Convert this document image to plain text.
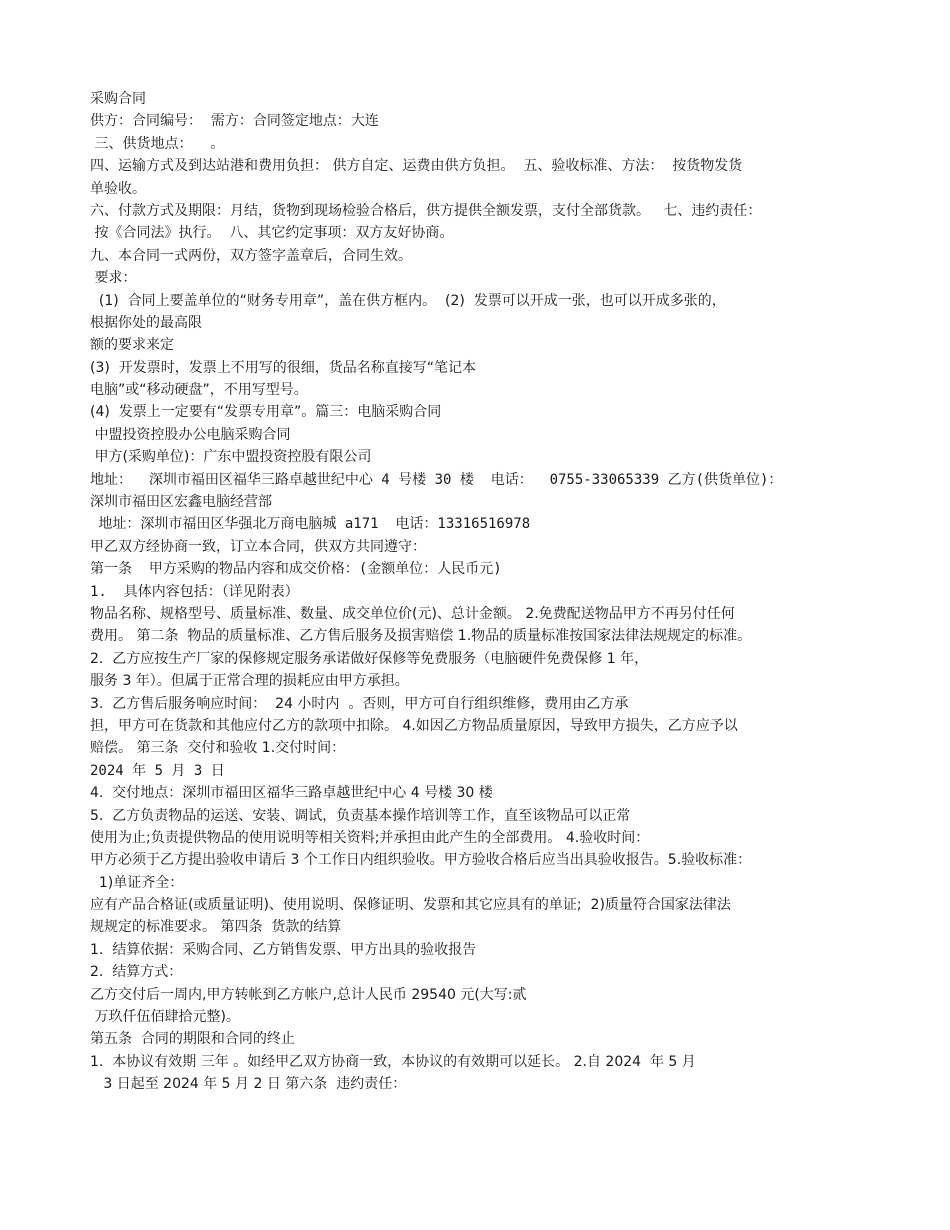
采购合同
供方：合同编号：  需方：合同签定地点：大连
三、供货地点：    。
四、运输方式及到达站港和费用负担： 供方自定、运费由供方负担。  五、验收标准、方法：  按货物发货
单验收。
六、付款方式及期限：月结，货物到现场检验合格后，供方提供全额发票，支付全部货款。   七、违约责任：
按《合同法》执行。  八、其它约定事项：双方友好协商。
九、本合同一式两份，双方签字盖章后，合同生效。
要求：
(1)  合同上要盖单位的“财务专用章”，盖在供方框内。  (2)  发票可以开成一张，也可以开成多张的，
根据你处的最高限
额的要求来定
(3)  开发票时，发票上不用写的很细，货品名称直接写“笔记本
电脑”或“移动硬盘”，不用写型号。
(4)  发票上一定要有“发票专用章”。篇三：电脑采购合同
中盟投资控股办公电脑采购合同
甲方(采购单位)：广东中盟投资控股有限公司
地址：  深圳市福田区福华三路卓越世纪中心 4 号楼 30 楼  电话：  0755-33065339 乙方(供货单位)：
深圳市福田区宏鑫电脑经营部
地址：深圳市福田区华强北万商电脑城 a171  电话：13316516978
甲乙双方经协商一致，订立本合同，供双方共同遵守：
第一条  甲方采购的物品内容和成交价格：(金额单位：人民币元)
1.  具体内容包括：（详见附表）
物品名称、规格型号、质量标准、数量、成交单位价(元)、总计金额。 2.免费配送物品甲方不再另付任何
费用。 第二条  物品的质量标准、乙方售后服务及损害赔偿 1.物品的质量标准按国家法律法规规定的标准。
2.  乙方应按生产厂家的保修规定服务承诺做好保修等免费服务（电脑硬件免费保修 1 年，
服务 3 年）。但属于正常合理的损耗应由甲方承担。
3.  乙方售后服务响应时间：  24 小时内  。否则，甲方可自行组织维修，费用由乙方承
担，甲方可在货款和其他应付乙方的款项中扣除。 4.如因乙方物品质量原因，导致甲方损失，乙方应予以
赔偿。 第三条  交付和验收 1.交付时间：
2024 年 5 月 3 日
4.  交付地点：深圳市福田区福华三路卓越世纪中心 4 号楼 30 楼
5.  乙方负责物品的运送、安装、调试，负责基本操作培训等工作，直至该物品可以正常
使用为止;负责提供物品的使用说明等相关资料;并承担由此产生的全部费用。 4.验收时间：
甲方必须于乙方提出验收申请后 3 个工作日内组织验收。甲方验收合格后应当出具验收报告。5.验收标准：
1)单证齐全：
应有产品合格证(或质量证明)、使用说明、保修证明、发票和其它应具有的单证;  2)质量符合国家法律法
规规定的标准要求。 第四条  货款的结算
1.  结算依据：采购合同、乙方销售发票、甲方出具的验收报告
2.  结算方式：
乙方交付后一周内,甲方转帐到乙方帐户,总计人民币 29540 元(大写:贰
万玖仟伍佰肆拾元整)。
第五条  合同的期限和合同的终止
1.  本协议有效期 三年 。如经甲乙双方协商一致，本协议的有效期可以延长。 2.自 2024  年 5 月
3 日起至 2024 年 5 月 2 日 第六条  违约责任：
